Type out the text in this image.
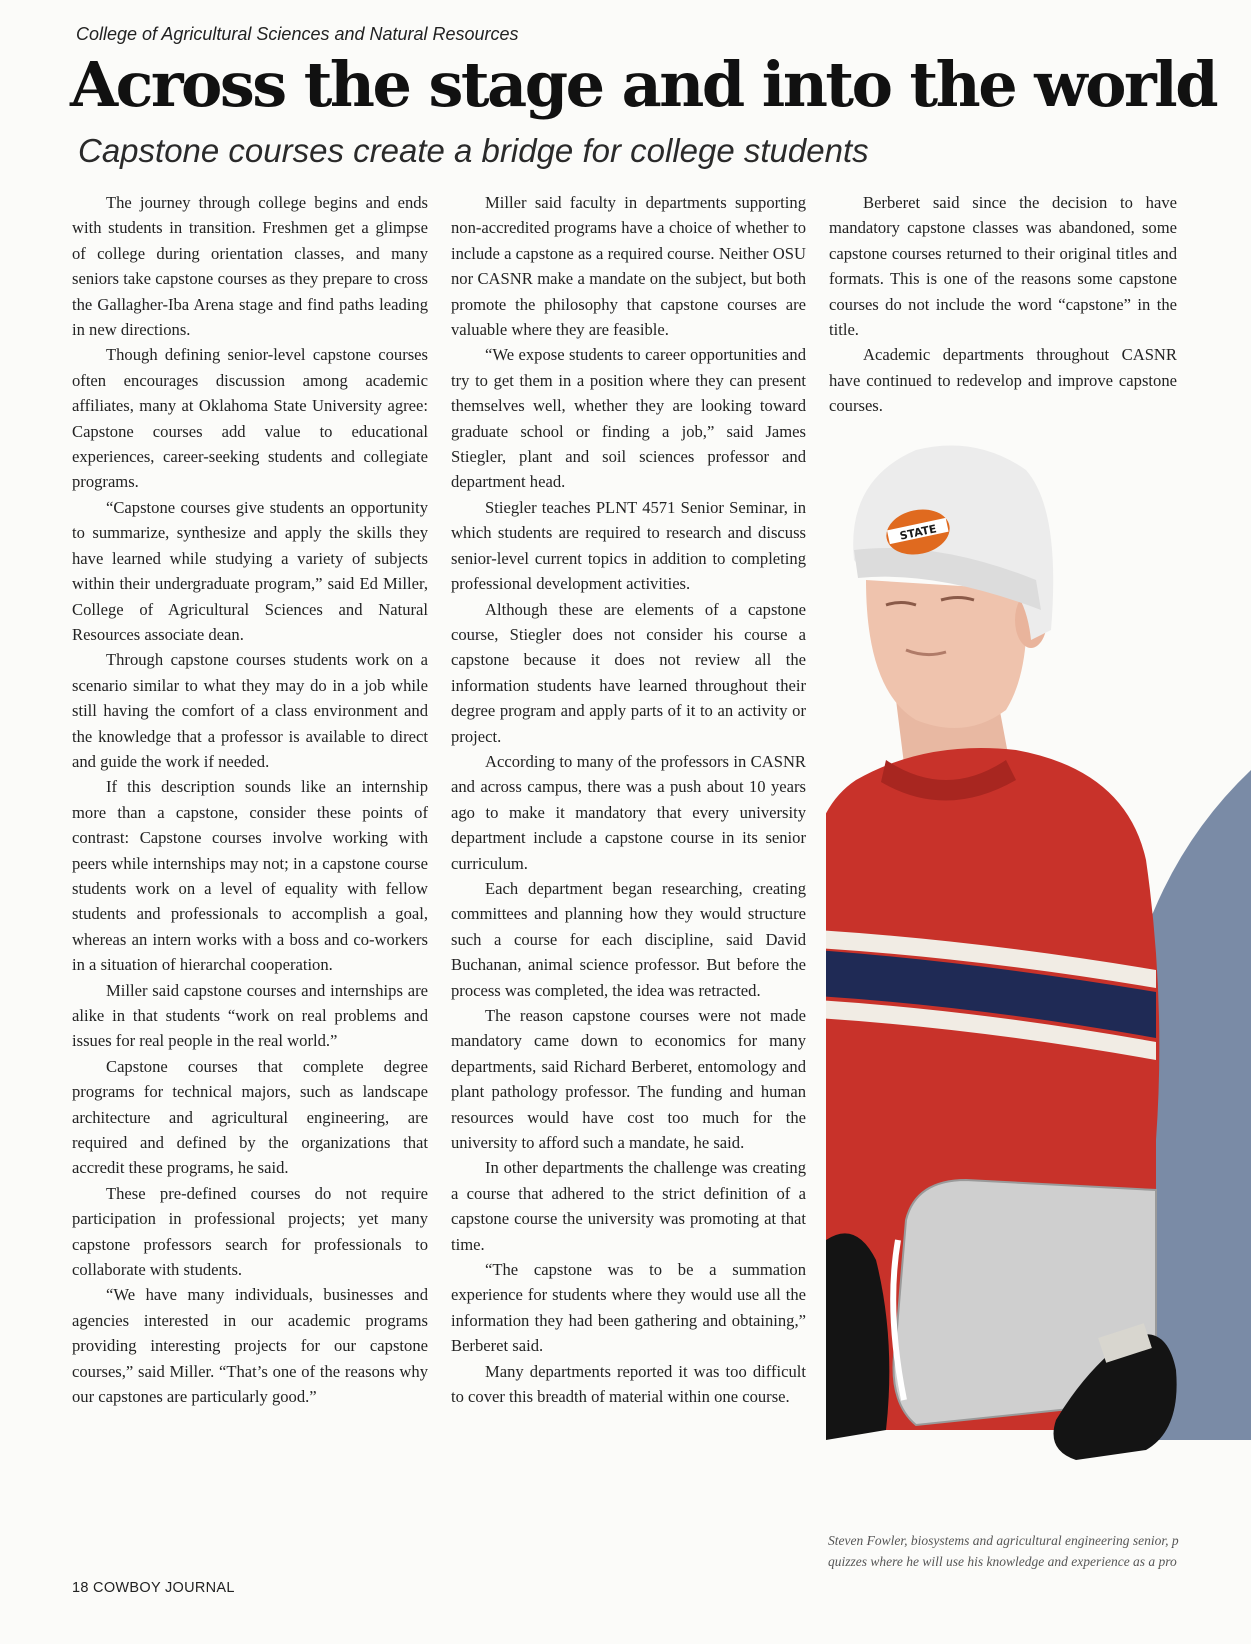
College of Agricultural Sciences and Natural Resources
Across the stage and into the world
Capstone courses create a bridge for college students

The journey through college begins and ends with students in transition. Freshmen get a glimpse of college during orientation classes, and many seniors take capstone courses as they prepare to cross the Gallagher-Iba Arena stage and find paths leading in new directions.

Though defining senior-level capstone courses often encourages discussion among academic affiliates, many at Oklahoma State University agree: Capstone courses add value to educational experiences, career-seeking students and collegiate programs.

“Capstone courses give students an opportunity to summarize, synthesize and apply the skills they have learned while studying a variety of subjects within their undergraduate program,” said Ed Miller, College of Agricultural Sciences and Natural Resources associate dean.

Through capstone courses students work on a scenario similar to what they may do in a job while still having the comfort of a class environment and the knowledge that a professor is available to direct and guide the work if needed.

If this description sounds like an internship more than a capstone, consider these points of contrast: Capstone courses involve working with peers while internships may not; in a capstone course students work on a level of equality with fellow students and professionals to accomplish a goal, whereas an intern works with a boss and co-workers in a situation of hierarchal cooperation.

Miller said capstone courses and internships are alike in that students “work on real problems and issues for real people in the real world.”

Capstone courses that complete degree programs for technical majors, such as landscape architecture and agricultural engineering, are required and defined by the organizations that accredit these programs, he said.

These pre-defined courses do not require participation in professional projects; yet many capstone professors search for professionals to collaborate with students.

“We have many individuals, businesses and agencies interested in our academic programs providing interesting projects for our capstone courses,” said Miller. “That’s one of the reasons why our capstones are particularly good.”

Miller said faculty in departments supporting non-accredited programs have a choice of whether to include a capstone as a required course. Neither OSU nor CASNR make a mandate on the subject, but both promote the philosophy that capstone courses are valuable where they are feasible.

“We expose students to career opportunities and try to get them in a position where they can present themselves well, whether they are looking toward graduate school or finding a job,” said James Stiegler, plant and soil sciences professor and department head.

Stiegler teaches PLNT 4571 Senior Seminar, in which students are required to research and discuss senior-level current topics in addition to completing professional development activities.

Although these are elements of a capstone course, Stiegler does not consider his course a capstone because it does not review all the information students have learned throughout their degree program and apply parts of it to an activity or project.

According to many of the professors in CASNR and across campus, there was a push about 10 years ago to make it mandatory that every university department include a capstone course in its senior curriculum.

Each department began researching, creating committees and planning how they would structure such a course for each discipline, said David Buchanan, animal science professor. But before the process was completed, the idea was retracted.

The reason capstone courses were not made mandatory came down to economics for many departments, said Richard Berberet, entomology and plant pathology professor. The funding and human resources would have cost too much for the university to afford such a mandate, he said.

In other departments the challenge was creating a course that adhered to the strict definition of a capstone course the university was promoting at that time.

“The capstone was to be a summation experience for students where they would use all the information they had been gathering and obtaining,” Berberet said.

Many departments reported it was too difficult to cover this breadth of material within one course.

Berberet said since the decision to have mandatory capstone classes was abandoned, some capstone courses returned to their original titles and formats. This is one of the reasons some capstone courses do not include the word “capstone” in the title.

Academic departments throughout CASNR have continued to redevelop and improve capstone courses.

STATE
Steven Fowler, biosystems and agricultural engineering senior, p
quizzes where he will use his knowledge and experience as a pro
18 COWBOY JOURNAL
